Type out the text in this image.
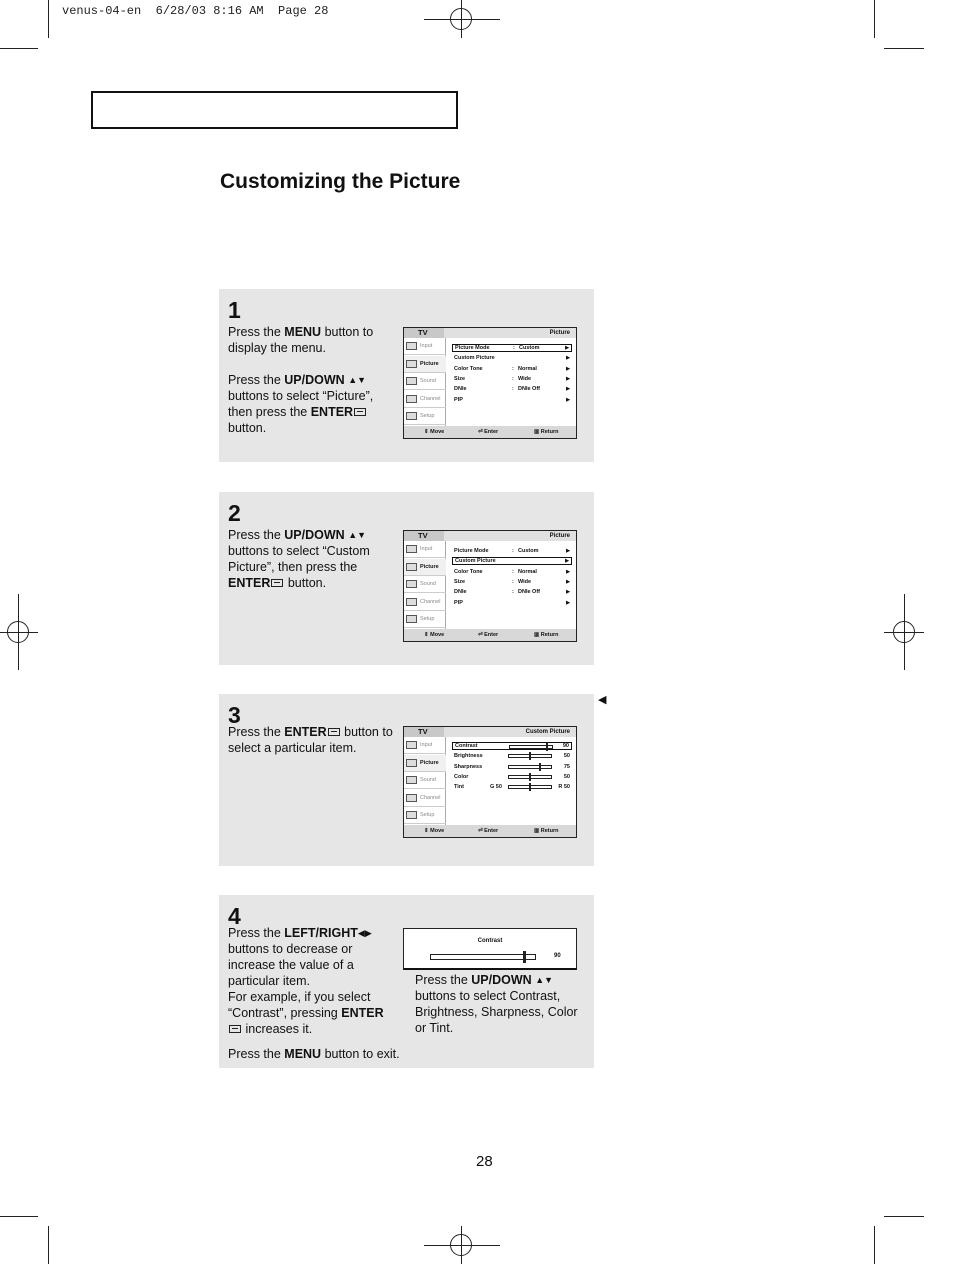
venus-04-en  6/28/03 8:16 AM  Page 28
Customizing the Picture
1
Press the MENU button to display the menu.
Press the UP/DOWN ▲▼ buttons to select “Picture”, then press the ENTER button.
TV	Picture
Input
Picture
Sound
Channel
Setup
⇕ Move	⏎ Enter	▥ Return
Picture Mode	: Custom	▶
Custom Picture	▶
Color Tone	: Normal	▶
Size	: Wide	▶
DNIe	: DNIe Off	▶
PIP	▶
2
Press the UP/DOWN ▲▼ buttons to select “Custom Picture”, then press the ENTER button.
TV	Picture
Input
Picture
Sound
Channel
Setup
⇕ Move	⏎ Enter	▥ Return
Picture Mode	: Custom	▶
Custom Picture	▶
Color Tone	: Normal	▶
Size	: Wide	▶
DNIe	: DNIe Off	▶
PIP	▶
3
Press the ENTER button to select a particular item.
TV	Custom Picture
Input
Picture
Sound
Channel
Setup
⇕ Move	⏎ Enter	▥ Return
Contrast	90
Brightness	50
Sharpness	75
Color	50
Tint	G 50	R 50
◀
4
Press the LEFT/RIGHT◀▶ buttons to decrease or increase the value of a particular item.
For example, if you select “Contrast”, pressing ENTER increases it.
Press the MENU button to exit.
Contrast
90
Press the UP/DOWN ▲▼ buttons to select Contrast, Brightness, Sharpness, Color or Tint.
28
